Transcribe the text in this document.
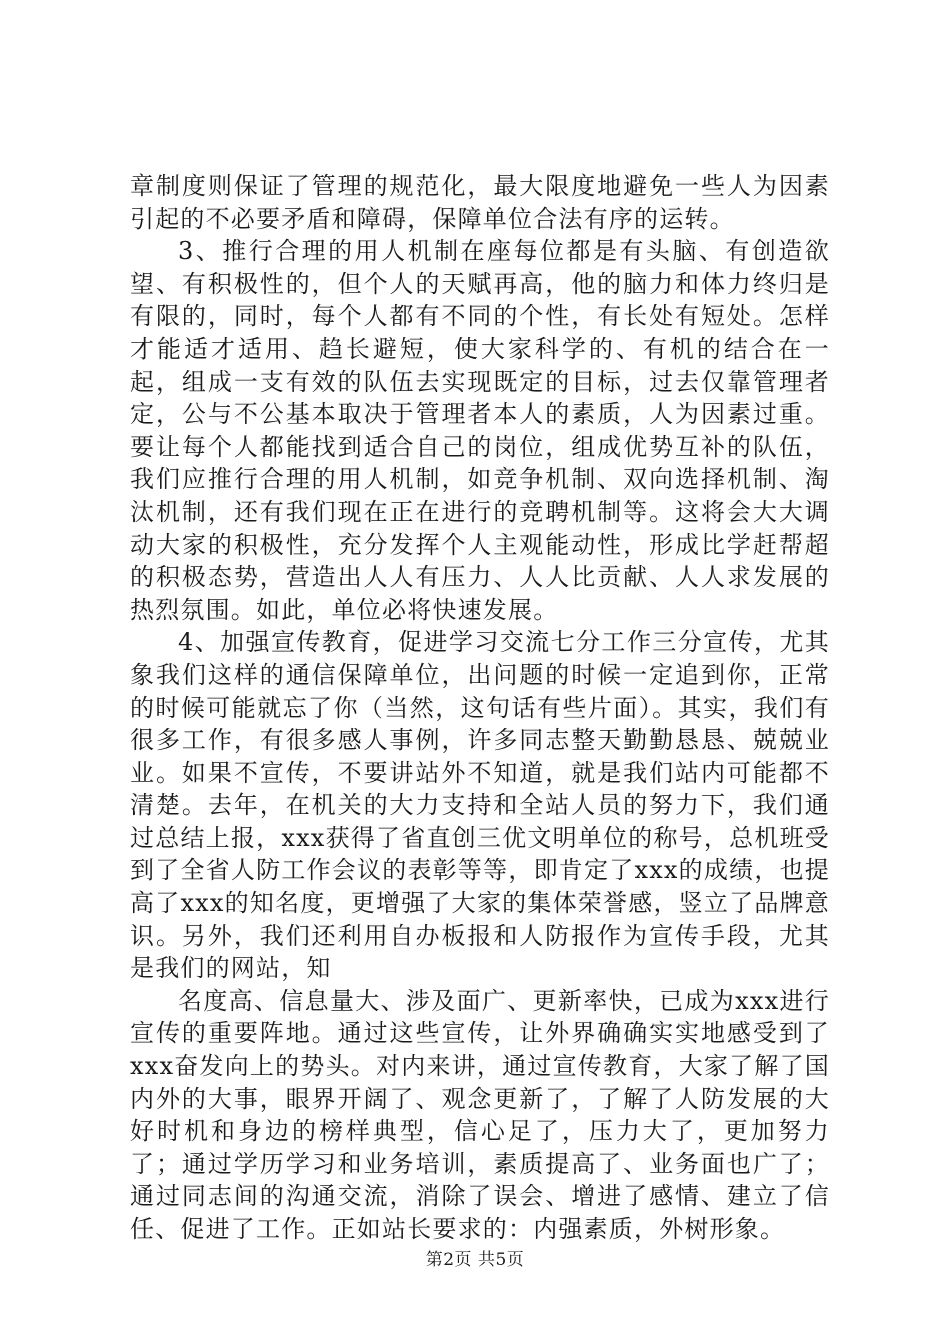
章制度则保证了管理的规范化，最大限度地避免一些人为因素引起的不必要矛盾和障碍，保障单位合法有序的运转。

3、推行合理的用人机制在座每位都是有头脑、有创造欲望、有积极性的，但个人的天赋再高，他的脑力和体力终归是有限的，同时，每个人都有不同的个性，有长处有短处。怎样才能适才适用、趋长避短，使大家科学的、有机的结合在一起，组成一支有效的队伍去实现既定的目标，过去仅靠管理者定，公与不公基本取决于管理者本人的素质，人为因素过重。要让每个人都能找到适合自己的岗位，组成优势互补的队伍，我们应推行合理的用人机制，如竞争机制、双向选择机制、淘汰机制，还有我们现在正在进行的竞聘机制等。这将会大大调动大家的积极性，充分发挥个人主观能动性，形成比学赶帮超的积极态势，营造出人人有压力、人人比贡献、人人求发展的热烈氛围。如此，单位必将快速发展。

4、加强宣传教育，促进学习交流七分工作三分宣传，尤其象我们这样的通信保障单位，出问题的时候一定追到你，正常的时候可能就忘了你（当然，这句话有些片面）。其实，我们有很多工作，有很多感人事例，许多同志整天勤勤恳恳、兢兢业业。如果不宣传，不要讲站外不知道，就是我们站内可能都不清楚。去年，在机关的大力支持和全站人员的努力下，我们通过总结上报，xxx获得了省直创三优文明单位的称号，总机班受到了全省人防工作会议的表彰等等，即肯定了xxx的成绩，也提高了xxx的知名度，更增强了大家的集体荣誉感，竖立了品牌意识。另外，我们还利用自办板报和人防报作为宣传手段，尤其是我们的网站，知

名度高、信息量大、涉及面广、更新率快，已成为xxx进行宣传的重要阵地。通过这些宣传，让外界确确实实地感受到了xxx奋发向上的势头。对内来讲，通过宣传教育，大家了解了国内外的大事，眼界开阔了、观念更新了，了解了人防发展的大好时机和身边的榜样典型，信心足了，压力大了，更加努力了；通过学历学习和业务培训，素质提高了、业务面也广了；通过同志间的沟通交流，消除了误会、增进了感情、建立了信任、促进了工作。正如站长要求的：内强素质，外树形象。

第2页 共5页
